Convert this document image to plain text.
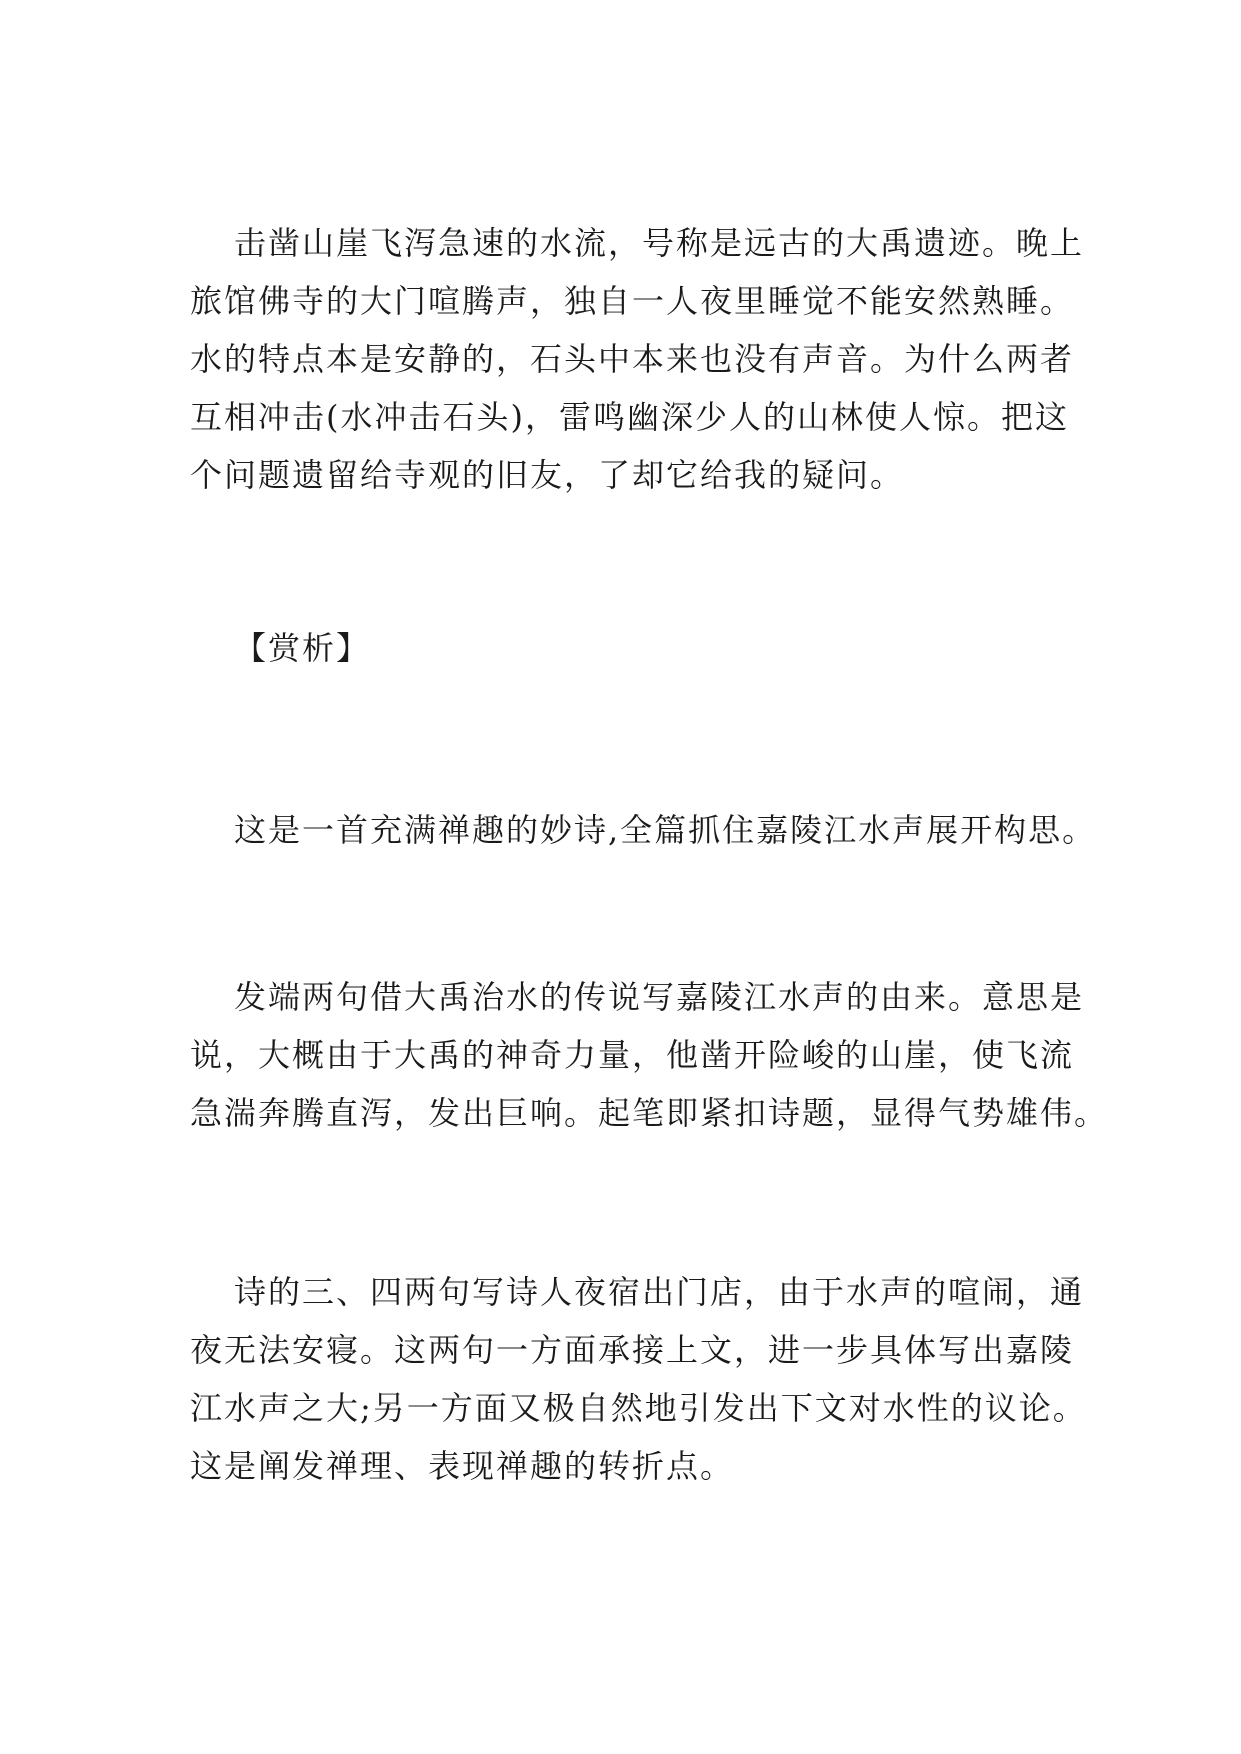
击凿山崖飞泻急速的水流，号称是远古的大禹遗迹。晚上
旅馆佛寺的大门喧腾声，独自一人夜里睡觉不能安然熟睡。
水的特点本是安静的，石头中本来也没有声音。为什么两者
互相冲击(水冲击石头)，雷鸣幽深少人的山林使人惊。把这
个问题遗留给寺观的旧友，了却它给我的疑问。
【赏析】
这是一首充满禅趣的妙诗,全篇抓住嘉陵江水声展开构思。
发端两句借大禹治水的传说写嘉陵江水声的由来。意思是
说，大概由于大禹的神奇力量，他凿开险峻的山崖，使飞流
急湍奔腾直泻，发出巨响。起笔即紧扣诗题，显得气势雄伟。
诗的三、四两句写诗人夜宿出门店，由于水声的喧闹，通
夜无法安寝。这两句一方面承接上文，进一步具体写出嘉陵
江水声之大;另一方面又极自然地引发出下文对水性的议论。
这是阐发禅理、表现禅趣的转折点。
